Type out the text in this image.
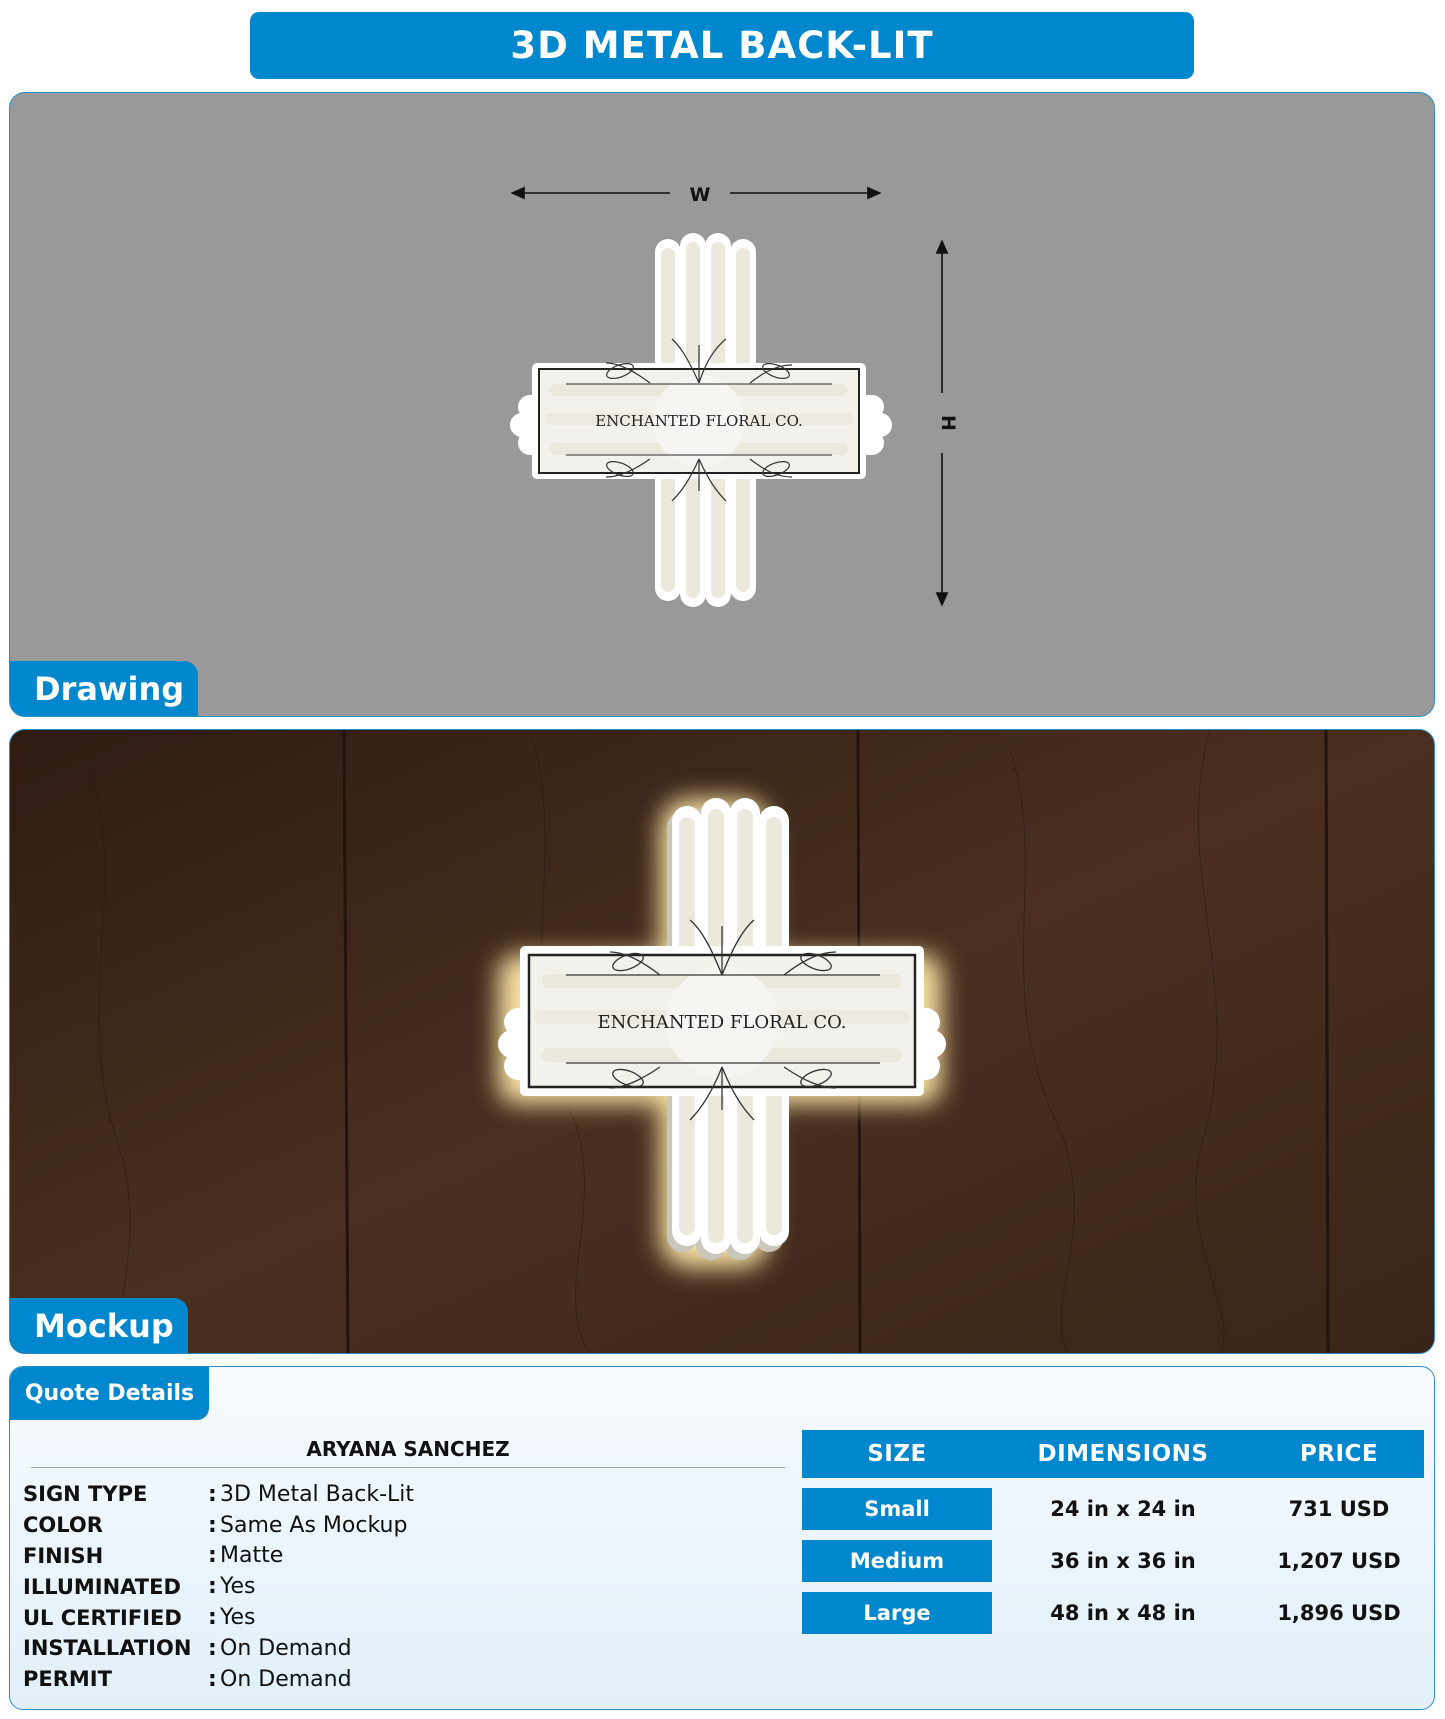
3D METAL BACK-LIT
W
H
ENCHANTED FLORAL CO.
Drawing
ENCHANTED FLORAL CO.
Mockup
Quote Details
ARYANA SANCHEZ
SIGN TYPE	: 3D Metal Back-Lit
COLOR	: Same As Mockup
FINISH	: Matte
ILLUMINATED	: Yes
UL CERTIFIED	: Yes
INSTALLATION : On Demand
PERMIT	: On Demand
SIZE	DIMENSIONS	PRICE
Small	24 in x 24 in	731 USD
Medium	36 in x 36 in	1,207 USD
Large	48 in x 48 in	1,896 USD
